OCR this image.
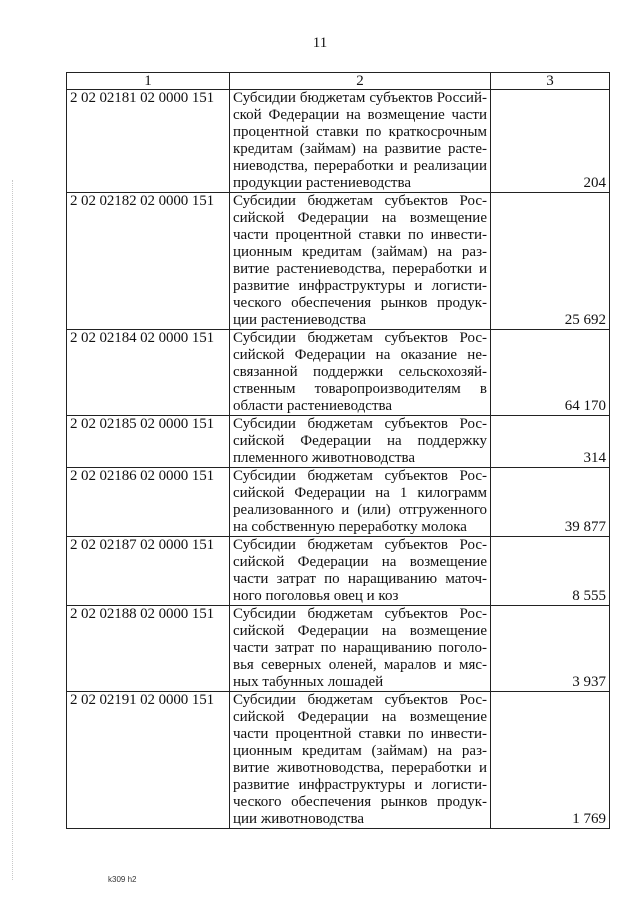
11
1	2	3
2 02 02181 02 0000 151	Субсидии бюджетам субъектов Российской Федерации на возмещение части процентной ставки по краткосрочным кредитам (займам) на развитие растениеводства, переработки и реализации продукции растениеводства	204
2 02 02182 02 0000 151	Субсидии бюджетам субъектов Российской Федерации на возмещение части процентной ставки по инвестиционным кредитам (займам) на развитие растениеводства, переработки и развитие инфраструктуры и логистического обеспечения рынков продукции растениеводства	25 692
2 02 02184 02 0000 151	Субсидии бюджетам субъектов Российской Федерации на оказание несвязанной поддержки сельскохозяйственным товаропроизводителям в области растениеводства	64 170
2 02 02185 02 0000 151	Субсидии бюджетам субъектов Российской Федерации на поддержку племенного животноводства	314
2 02 02186 02 0000 151	Субсидии бюджетам субъектов Российской Федерации на 1 килограмм реализованного и (или) отгруженного на собственную переработку молока	39 877
2 02 02187 02 0000 151	Субсидии бюджетам субъектов Российской Федерации на возмещение части затрат по наращиванию маточного поголовья овец и коз	8 555
2 02 02188 02 0000 151	Субсидии бюджетам субъектов Российской Федерации на возмещение части затрат по наращиванию поголовья северных оленей, маралов и мясных табунных лошадей	3 937
2 02 02191 02 0000 151	Субсидии бюджетам субъектов Российской Федерации на возмещение части процентной ставки по инвестиционным кредитам (займам) на развитие животноводства, переработки и развитие инфраструктуры и логистического обеспечения рынков продукции животноводства	1 769
k309 h2
